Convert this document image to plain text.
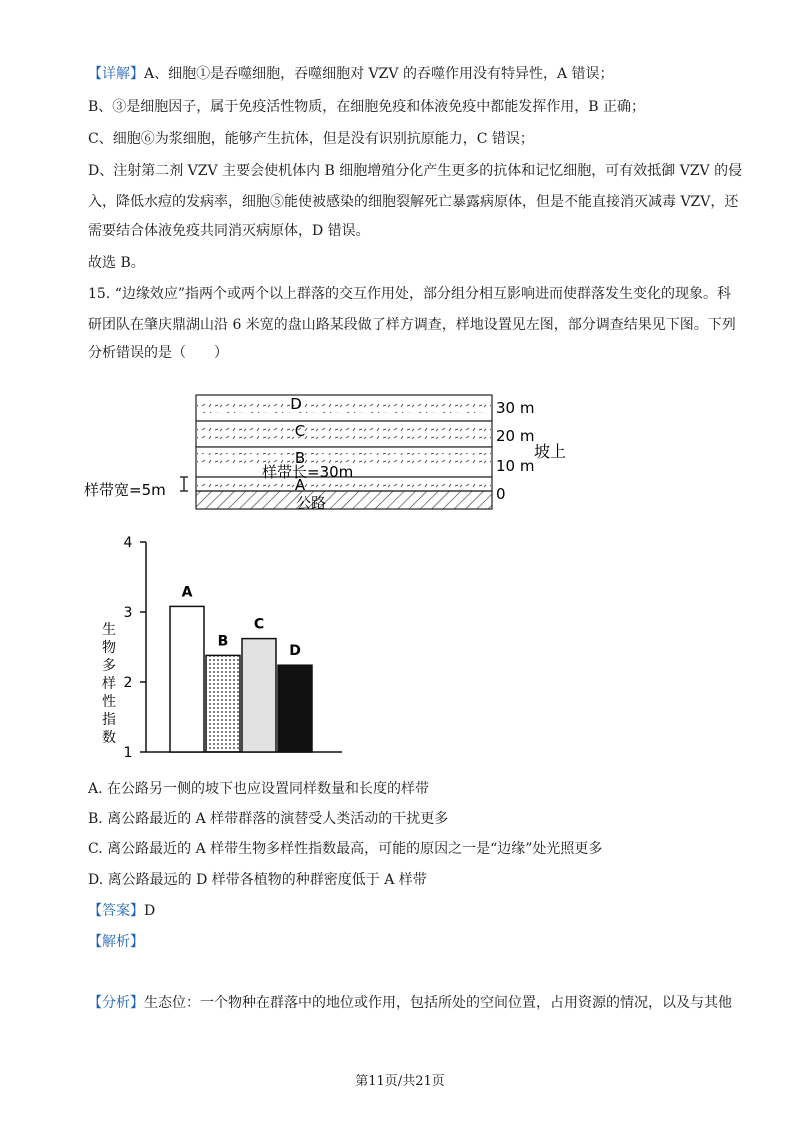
【详解】A、细胞①是吞噬细胞，吞噬细胞对 VZV 的吞噬作用没有特异性，A 错误；
B、③是细胞因子，属于免疫活性物质，在细胞免疫和体液免疫中都能发挥作用，B 正确；
C、细胞⑥为浆细胞，能够产生抗体，但是没有识别抗原能力，C 错误；
D、注射第二剂 VZV 主要会使机体内 B 细胞增殖分化产生更多的抗体和记忆细胞，可有效抵御 VZV 的侵
入，降低水痘的发病率，细胞⑤能使被感染的细胞裂解死亡暴露病原体，但是不能直接消灭减毒 VZV，还
需要结合体液免疫共同消灭病原体，D 错误。
故选 B。
15. “边缘效应”指两个或两个以上群落的交互作用处，部分组分相互影响进而使群落发生变化的现象。科
研团队在肇庆鼎湖山沿 6 米宽的盘山路某段做了样方调查，样地设置见左图，部分调查结果见下图。下列
分析错误的是（　　）
D
C
B
A
30 m
20 m
10 m
0
坡上
样带长=30m
样带宽=5m
公路
1
2
3
4
A
B
C
D
生物多样性指数
A. 在公路另一侧的坡下也应设置同样数量和长度的样带
B. 离公路最近的 A 样带群落的演替受人类活动的干扰更多
C. 离公路最近的 A 样带生物多样性指数最高，可能的原因之一是“边缘”处光照更多
D. 离公路最远的 D 样带各植物的种群密度低于 A 样带
【答案】D
【解析】
【分析】生态位：一个物种在群落中的地位或作用，包括所处的空间位置，占用资源的情况，以及与其他
第11页/共21页
